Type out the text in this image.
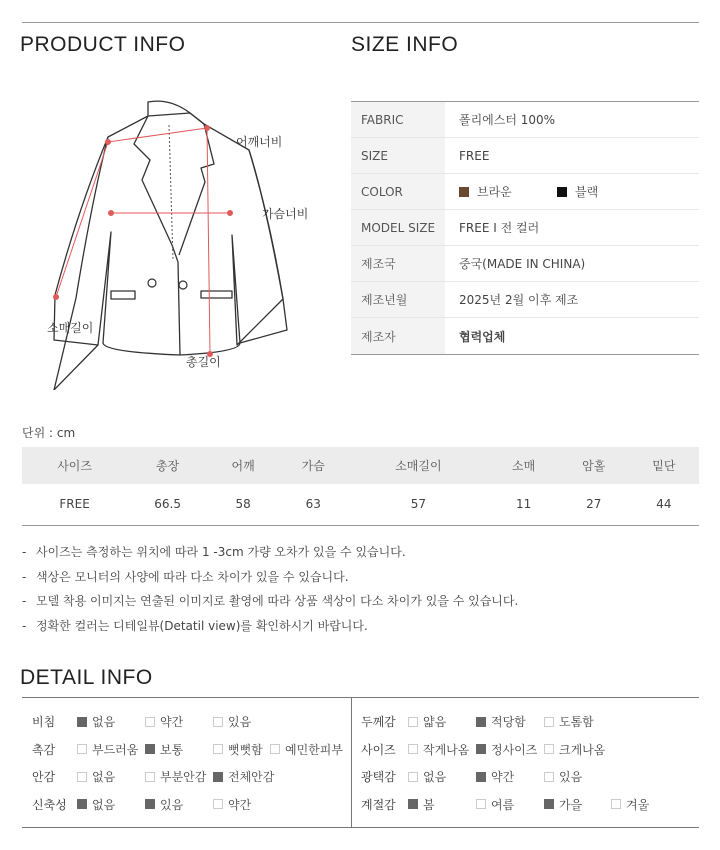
PRODUCT INFO	SIZE INFO
어깨너비
가슴너비
소매길이
총길이
FABRIC	폴리에스터 100%
SIZE	FREE
COLOR	브라운	블랙
MODEL SIZE	FREE I 전 컬러
제조국	중국(MADE IN CHINA)
제조년월	2025년 2월 이후 제조
제조자	협력업체
단위 : cm
사이즈	총장	어깨	가슴	소매길이	소매	암홀	밑단
FREE	66.5	58	63	57	11	27	44
- 사이즈는 측정하는 위치에 따라 1 -3cm 가량 오차가 있을 수 있습니다.
- 색상은 모니터의 사양에 따라 다소 차이가 있을 수 있습니다.
- 모델 착용 이미지는 연출된 이미지로 촬영에 따라 상품 색상이 다소 차이가 있을 수 있습니다.
- 정확한 컬러는 디테일뷰(Detatil view)를 확인하시기 바랍니다.
DETAIL INFO
비침	없음	약간	있음
촉감	부드러움 보통	뻣뻣함 예민한피부
안감	없음	부분안감 전체안감
신축성 없음	있음	약간
두께감 얇음	적당함	도톰함
사이즈 작게나옴 정사이즈 크게나옴
광택감 없음	약간	있음
계절감 봄	여름	가을	겨울
